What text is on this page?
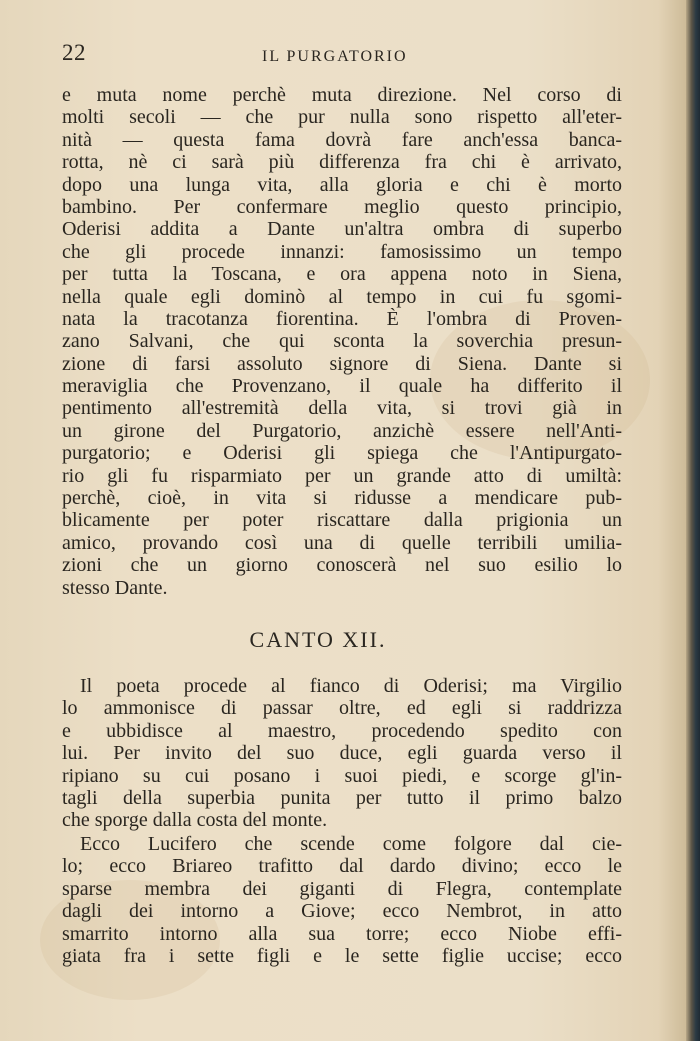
22	IL PURGATORIO
e muta nome perchè muta direzione. Nel corso di
molti secoli — che pur nulla sono rispetto all'eter-
nità — questa fama dovrà fare anch'essa banca-
rotta, nè ci sarà più differenza fra chi è arrivato,
dopo una lunga vita, alla gloria e chi è morto
bambino. Per confermare meglio questo principio,
Oderisi addita a Dante un'altra ombra di superbo
che gli procede innanzi: famosissimo un tempo
per tutta la Toscana, e ora appena noto in Siena,
nella quale egli dominò al tempo in cui fu sgomi-
nata la tracotanza fiorentina. È l'ombra di Proven-
zano Salvani, che qui sconta la soverchia presun-
zione di farsi assoluto signore di Siena. Dante si
meraviglia che Provenzano, il quale ha differito il
pentimento all'estremità della vita, si trovi già in
un girone del Purgatorio, anzichè essere nell'Anti-
purgatorio; e Oderisi gli spiega che l'Antipurgato-
rio gli fu risparmiato per un grande atto di umiltà:
perchè, cioè, in vita si ridusse a mendicare pub-
blicamente per poter riscattare dalla prigionia un
amico, provando così una di quelle terribili umilia-
zioni che un giorno conoscerà nel suo esilio lo
stesso Dante.
CANTO XII.
Il poeta procede al fianco di Oderisi; ma Virgilio
lo ammonisce di passar oltre, ed egli si raddrizza
e ubbidisce al maestro, procedendo spedito con
lui. Per invito del suo duce, egli guarda verso il
ripiano su cui posano i suoi piedi, e scorge gl'in-
tagli della superbia punita per tutto il primo balzo
che sporge dalla costa del monte.
Ecco Lucifero che scende come folgore dal cie-
lo; ecco Briareo trafitto dal dardo divino; ecco le
sparse membra dei giganti di Flegra, contemplate
dagli dei intorno a Giove; ecco Nembrot, in atto
smarrito intorno alla sua torre; ecco Niobe effi-
giata fra i sette figli e le sette figlie uccise; ecco
